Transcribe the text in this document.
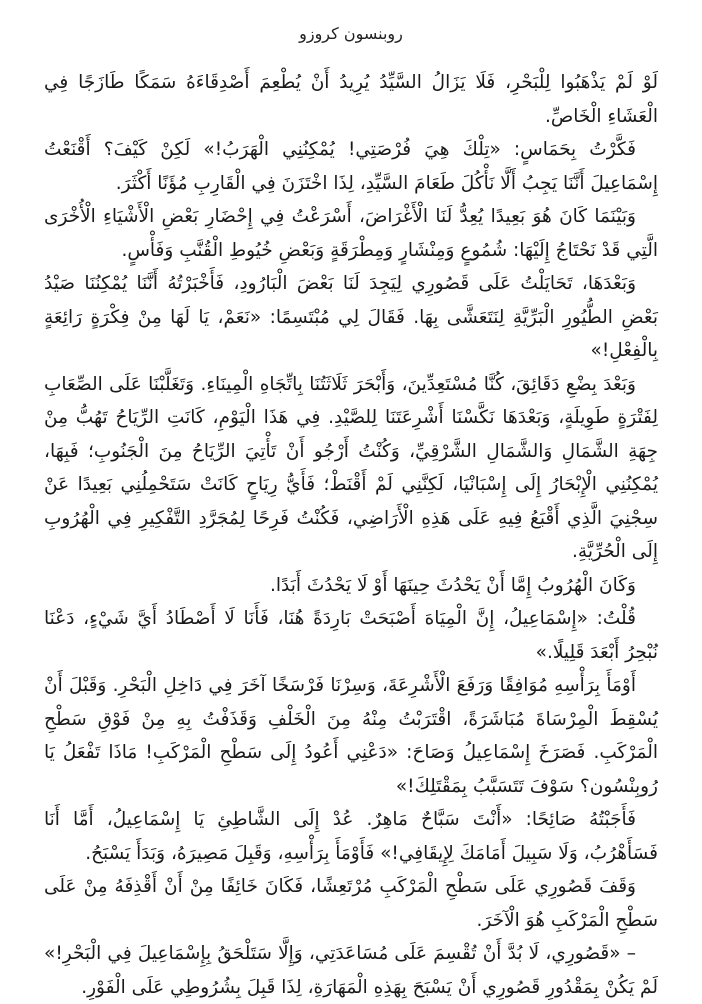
روبنسون كروزو

لَوْ لَمْ يَذْهَبُوا لِلْبَحْرِ، فَلَا يَزَالُ السَّيِّدُ يُرِيدُ أَنْ يُطْعِمَ أَصْدِقَاءَهُ سَمَكًا طَازَجًا فِي الْعَشَاءِ الْخَاصِّ.

فَكَّرْتُ بِحَمَاسٍ: «تِلْكَ هِيَ فُرْصَتِي! يُمْكِنُنِي الْهَرَبُ!» لَكِنْ كَيْفَ؟ أَقْنَعْتُ إِسْمَاعِيلَ أَنَّنَا يَجِبُ أَلَّا نَأْكُلَ طَعَامَ السَّيِّدِ، لِذَا اخْتَزَنَ فِي الْقَارِبِ مُؤَنًا أَكْثَرَ.

وَبَيْنَمَا كَانَ هُوَ بَعِيدًا يُعِدُّ لَنَا الْأَغْرَاضَ، أَسْرَعْتُ فِي إِحْضَارِ بَعْضِ الْأَشْيَاءِ الْأُخْرَى الَّتِي قَدْ نَحْتَاجُ إِلَيْهَا: شُمُوعٍ وَمِنْشَارٍ وَمِطْرَقَةٍ وَبَعْضِ خُيُوطِ الْقُنَّبِ وَفَأْسٍ.

وَبَعْدَهَا، تَحَايَلْتُ عَلَى قَصُورِي لِيَجِدَ لَنَا بَعْضَ الْبَارُودِ، فَأَخْبَرْتُهُ أَنَّنَا يُمْكِنُنَا صَيْدُ بَعْضِ الطُّيُورِ الْبَرِّيَّةِ لِنَتَعَشَّى بِهَا. فَقَالَ لِي مُبْتَسِمًا: «نَعَمْ، يَا لَهَا مِنْ فِكْرَةٍ رَائِعَةٍ بِالْفِعْلِ!»

وَبَعْدَ بِضْعِ دَقَائِقَ، كُنَّا مُسْتَعِدِّينَ، وَأَبْحَرَ ثَلَاثَتُنَا بِاتِّجَاهِ الْمِينَاءِ. وَتَغَلَّبْنَا عَلَى الصِّعَابِ لِفَتْرَةٍ طَوِيلَةٍ، وَبَعْدَهَا نَكَّسْنَا أَشْرِعَتَنَا لِلصَّيْدِ. فِي هَذَا الْيَوْمِ، كَانَتِ الرِّيَاحُ تَهُبُّ مِنْ جِهَةِ الشَّمَالِ وَالشَّمَالِ الشَّرْقِيِّ، وَكُنْتُ أَرْجُو أَنْ تَأْتِيَ الرِّيَاحُ مِنَ الْجَنُوبِ؛ فَبِهَا، يُمْكِنُنِي الْإِبْحَارُ إِلَى إِسْبَانْيَا، لَكِنَّنِي لَمْ أَقْنَطْ؛ فَأَيُّ رِيَاحٍ كَانَتْ سَتَحْمِلُنِي بَعِيدًا عَنْ سِجْنِيَ الَّذِي أَقْبَعُ فِيهِ عَلَى هَذِهِ الْأَرَاضِي، فَكُنْتُ فَرِحًا لِمُجَرَّدِ التَّفْكِيرِ فِي الْهُرُوبِ إِلَى الْحُرِّيَّةِ.

وَكَانَ الْهُرُوبُ إِمَّا أَنْ يَحْدُثَ حِينَهَا أَوْ لَا يَحْدُثَ أَبَدًا.

قُلْتُ: «إِسْمَاعِيلُ، إِنَّ الْمِيَاهَ أَصْبَحَتْ بَارِدَةً هُنَا، فَأَنَا لَا أَصْطَادُ أَيَّ شَيْءٍ، دَعْنَا نُبْحِرُ أَبْعَدَ قَلِيلًا.»

أَوْمَأَ بِرَأْسِهِ مُوَافِقًا وَرَفَعَ الْأَشْرِعَةَ، وَسِرْنَا فَرْسَخًا آخَرَ فِي دَاخِلِ الْبَحْرِ. وَقَبْلَ أَنْ يُسْقِطَ الْمِرْسَاةَ مُبَاشَرَةً، اقْتَرَبْتُ مِنْهُ مِنَ الْخَلْفِ وَقَذَفْتُ بِهِ مِنْ فَوْقِ سَطْحِ الْمَرْكَبِ. فَصَرَخَ إِسْمَاعِيلُ وَصَاحَ: «دَعْنِي أَعُودُ إِلَى سَطْحِ الْمَرْكَبِ! مَاذَا تَفْعَلُ يَا رُوبِنْسُون؟ سَوْفَ تَتَسَبَّبُ بِمَقْتَلِكَ!»

فَأَجَبْتُهُ صَائِحًا: «أَنْتَ سَبَّاحٌ مَاهِرٌ. عُدْ إِلَى الشَّاطِئِ يَا إِسْمَاعِيلُ، أَمَّا أَنَا فَسَأَهْرُبُ، وَلَا سَبِيلَ أَمَامَكَ لِإِيقَافِي!» فَأَوْمَأَ بِرَأْسِهِ، وَقَبِلَ مَصِيرَهُ، وَبَدَأَ يَسْبَحُ.

وَقَفَ قَصُورِي عَلَى سَطْحِ الْمَرْكَبِ مُرْتَعِشًا، فَكَانَ خَائِفًا مِنْ أَنْ أَقْذِفَهُ مِنْ عَلَى سَطْحِ الْمَرْكَبِ هُوَ الْآخَرَ.

– «قَصُورِي، لَا بُدَّ أَنْ تُقْسِمَ عَلَى مُسَاعَدَتِي، وَإِلَّا سَتَلْحَقُ بِإِسْمَاعِيلَ فِي الْبَحْرِ!» لَمْ يَكُنْ بِمَقْدُورِ قَصُورِي أَنْ يَسْبَحَ بِهَذِهِ الْمَهَارَةِ، لِذَا قَبِلَ بِشُرُوطِي عَلَى الْفَوْرِ.
